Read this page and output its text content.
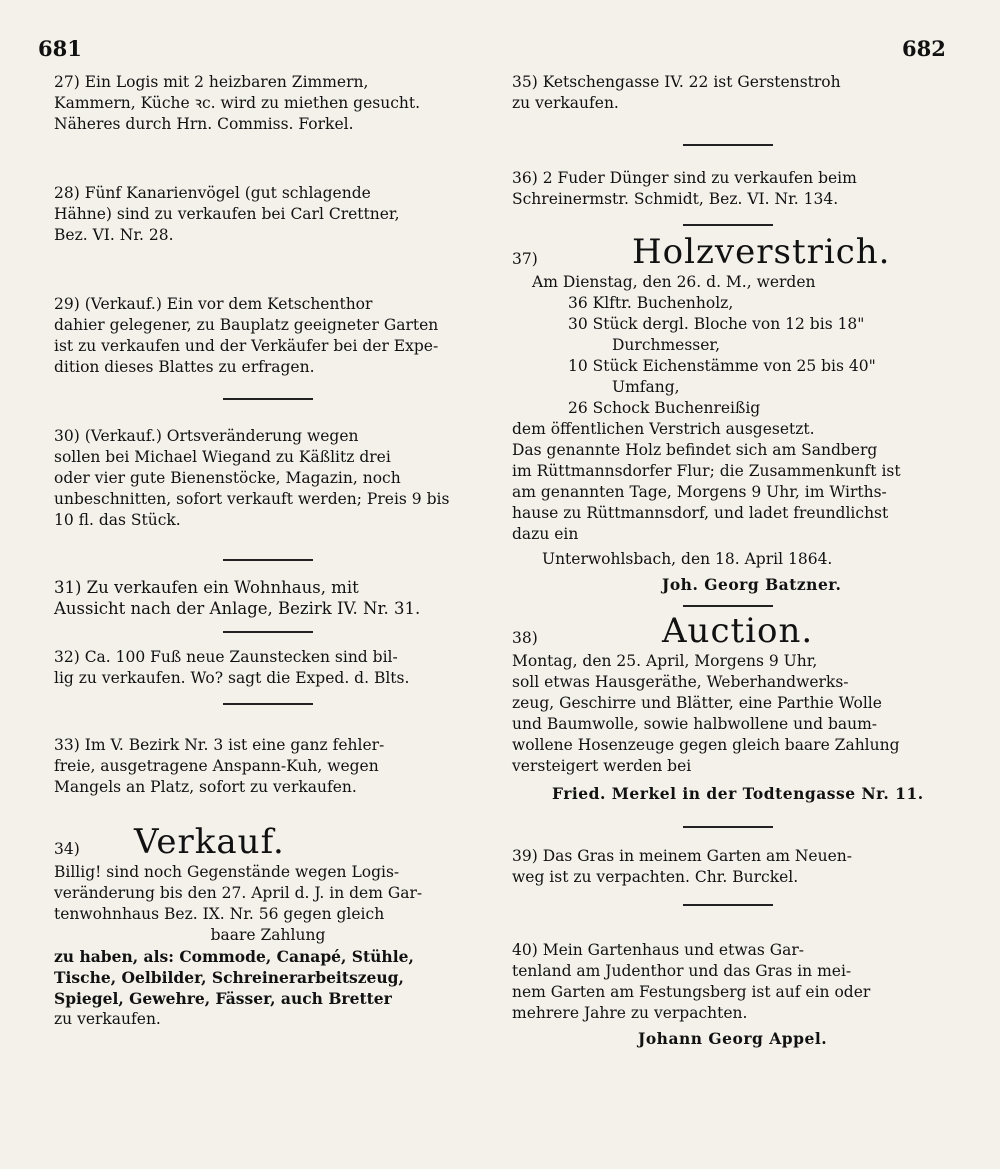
681	682

27) Ein Logis mit 2 heizbaren Zimmern,

Kammern, Küche ꝛc. wird zu miethen gesucht.

Näheres durch Hrn. Commiss. Forkel.

28) Fünf Kanarienvögel (gut schlagende

Hähne) sind zu verkaufen bei Carl Crettner,

Bez. VI. Nr. 28.

29) (Verkauf.) Ein vor dem Ketschenthor

dahier gelegener, zu Bauplatz geeigneter Garten

ist zu verkaufen und der Verkäufer bei der Expe-

dition dieses Blattes zu erfragen.

30) (Verkauf.) Ortsveränderung wegen

sollen bei Michael Wiegand zu Käßlitz drei

oder vier gute Bienenstöcke, Magazin, noch

unbeschnitten, sofort verkauft werden; Preis 9 bis

10 fl. das Stück.

31) Zu verkaufen ein Wohnhaus, mit

Aussicht nach der Anlage, Bezirk IV. Nr. 31.

32) Ca. 100 Fuß neue Zaunstecken sind bil-

lig zu verkaufen. Wo? sagt die Exped. d. Blts.

33) Im V. Bezirk Nr. 3 ist eine ganz fehler-

freie, ausgetragene Anspann-Kuh, wegen

Mangels an Platz, sofort zu verkaufen.

34) Verkauf.

Billig! sind noch Gegenstände wegen Logis-

veränderung bis den 27. April d. J. in dem Gar-

tenwohnhaus Bez. IX. Nr. 56 gegen gleich

baare Zahlung

zu haben, als: Commode, Canapé, Stühle,

Tische, Oelbilder, Schreinerarbeitszeug,

Spiegel, Gewehre, Fässer, auch Bretter

zu verkaufen.

35) Ketschengasse IV. 22 ist Gerstenstroh

zu verkaufen.

36) 2 Fuder Dünger sind zu verkaufen beim

Schreinermstr. Schmidt, Bez. VI. Nr. 134.

37)	Holzverstrich.

Am Dienstag, den 26. d. M., werden

36 Klftr. Buchenholz,

30 Stück dergl. Bloche von 12 bis 18"

Durchmesser,

10 Stück Eichenstämme von 25 bis 40"

Umfang,

26 Schock Buchenreißig

dem öffentlichen Verstrich ausgesetzt.

Das genannte Holz befindet sich am Sandberg

im Rüttmannsdorfer Flur; die Zusammenkunft ist

am genannten Tage, Morgens 9 Uhr, im Wirths-

hause zu Rüttmannsdorf, und ladet freundlichst

dazu ein

Unterwohlsbach, den 18. April 1864.

Joh. Georg Batzner.

38)	Auction.

Montag, den 25. April, Morgens 9 Uhr,

soll etwas Hausgeräthe, Weberhandwerks-

zeug, Geschirre und Blätter, eine Parthie Wolle

und Baumwolle, sowie halbwollene und baum-

wollene Hosenzeuge gegen gleich baare Zahlung

versteigert werden bei

Fried. Merkel in der Todtengasse Nr. 11.

39) Das Gras in meinem Garten am Neuen-

weg ist zu verpachten. Chr. Burckel.

40) Mein Gartenhaus und etwas Gar-

tenland am Judenthor und das Gras in mei-

nem Garten am Festungsberg ist auf ein oder

mehrere Jahre zu verpachten.

Johann Georg Appel.
